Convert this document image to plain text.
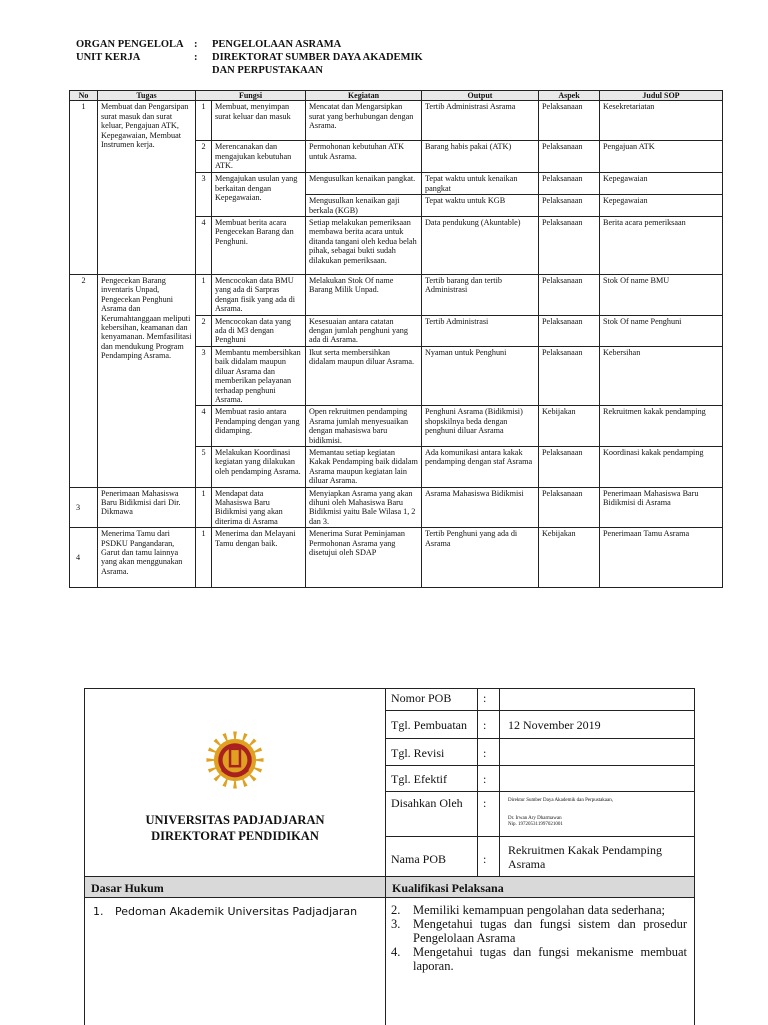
ORGAN PENGELOLA :	PENGELOLAAN ASRAMA
UNIT KERJA	:	DIREKTORAT SUMBER DAYA AKADEMIK
DAN PERPUSTAKAAN
No	Tugas	Fungsi		Kegiatan	Output	Aspek	Judul SOP
1	Membuat dan Pengarsipan surat masuk dan surat keluar, Pengajuan ATK, Kepegawaian, Membuat Instrumen kerja.	1	Membuat, menyimpan surat keluar dan masuk	Mencatat dan Mengarsipkan surat yang berhubungan dengan Asrama.	Tertib Administrasi Asrama	Pelaksanaan	Kesekretariatan
		2	Merencanakan dan mengajukan kebutuhan ATK.	Permohonan kebutuhan ATK untuk Asrama.	Barang habis pakai (ATK)	Pelaksanaan	Pengajuan ATK
		3	Mengajukan usulan yang berkaitan dengan Kepegawaian.	Mengusulkan kenaikan pangkat.	Tepat waktu untuk kenaikan pangkat	Pelaksanaan	Kepegawaian
				Mengusulkan kenaikan gaji berkala (KGB)	Tepat waktu untuk KGB	Pelaksanaan	Kepegawaian
		4	Membuat berita acara Pengecekan Barang dan Penghuni.	Setiap melakukan pemeriksaan membawa berita acara untuk ditanda tangani oleh kedua belah pihak, sebagai bukti sudah dilakukan pemeriksaan.	Data pendukung (Akuntable)	Pelaksanaan	Berita acara pemeriksaan
2	Pengecekan Barang inventaris Unpad, Pengecekan Penghuni Asrama dan Kerumahtanggaan meliputi kebersihan, keamanan dan kenyamanan. Memfasilitasi dan mendukung Program Pendamping Asrama.	1	Mencocokan data BMU yang ada di Sarpras dengan fisik yang ada di Asrama.	Melakukan Stok Of name Barang Milik Unpad.	Tertib barang dan tertib Administrasi	Pelaksanaan	Stok Of name BMU
		2	Mencocokan data yang ada di M3 dengan Penghuni	Kesesuaian antara catatan dengan jumlah penghuni yang ada di Asrama.	Tertib Administrasi	Pelaksanaan	Stok Of name Penghuni
		3	Membantu membersihkan baik didalam maupun diluar Asrama dan memberikan pelayanan terhadap penghuni Asrama.	Ikut serta membersihkan didalam maupun diluar Asrama.	Nyaman untuk Penghuni	Pelaksanaan	Kebersihan
		4	Membuat rasio antara Pendamping dengan yang didamping.	Open rekruitmen pendamping Asrama jumlah menyesuaikan dengan mahasiswa baru bidikmisi.	Penghuni Asrama (Bidikmisi) shopskilnya beda dengan penghuni diluar Asrama	Kebijakan	Rekruitmen kakak pendamping
		5	Melakukan Koordinasi kegiatan yang dilakukan oleh pendamping Asrama.	Memantau setiap kegiatan Kakak Pendamping baik didalam Asrama maupun kegiatan lain diluar Asrama.	Ada komunikasi antara kakak pendamping dengan staf Asrama	Pelaksanaan	Koordinasi kakak pendamping
3	Penerimaan Mahasiswa Baru Bidikmisi dari Dir. Dikmawa	1	Mendapat data Mahasiswa Baru Bidikmisi yang akan diterima di Asrama	Menyiapkan Asrama yang akan dihuni oleh Mahasiswa Baru Bidikmisi yaitu Bale Wilasa 1, 2 dan 3.	Asrama Mahasiswa Bidikmisi	Pelaksanaan	Penerimaan Mahasiswa Baru Bidikmisi di Asrama
4	Menerima Tamu dari PSDKU Pangandaran, Garut dan tamu lainnya yang akan menggunakan Asrama.	1	Menerima dan Melayani Tamu dengan baik.	Menerima Surat Peminjaman Permohonan Asrama yang disetujui oleh SDAP	Tertib Penghuni yang ada di Asrama	Kebijakan	Penerimaan Tamu Asrama
UNIVERSITAS PADJADJARAN
DIREKTORAT PENDIDIKAN
Nomor POB	:
Tgl. Pembuatan :	12 November 2019
Tgl. Revisi	:
Tgl. Efektif	:
Disahkan Oleh :	Direktur Sumber Daya Akademik dan Perpustakaan,

Dr. Irwan Ary Dharmawan
Nip. 197205311997021001
Nama POB	:
Rekruitmen Kakak Pendamping Asrama
Dasar Hukum	Kualifikasi Pelaksana
1. Pedoman Akademik Universitas Padjadjaran	2.	Memiliki kemampuan pengolahan data sederhana;
3.	Mengetahui tugas dan fungsi sistem dan prosedur Pengelolaan Asrama
4.	Mengetahui tugas dan fungsi mekanisme membuat laporan.
